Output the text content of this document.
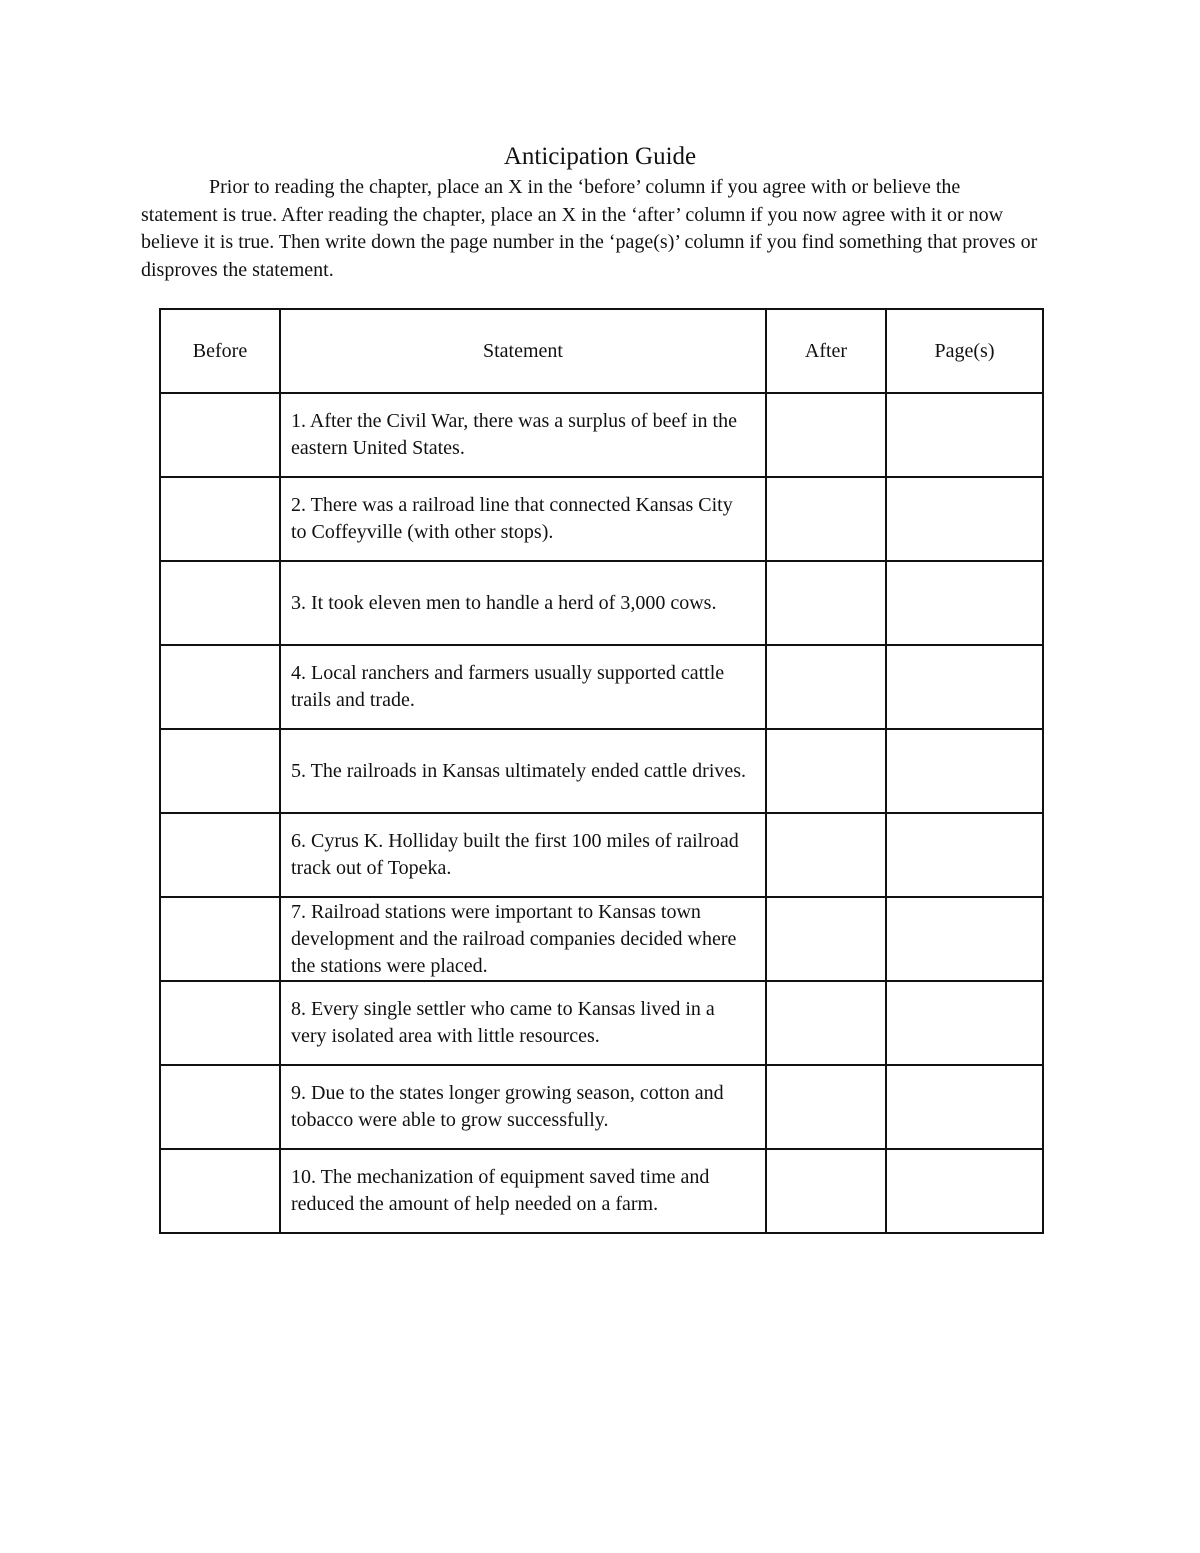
Anticipation Guide

Prior to reading the chapter, place an X in the ‘before’ column if you agree with or believe the statement is true. After reading the chapter, place an X in the ‘after’ column if you now agree with it or now believe it is true. Then write down the page number in the ‘page(s)’ column if you find something that proves or disproves the statement.

Before	Statement	After	Page(s)
	1. After the Civil War, there was a surplus of beef in the eastern United States.		
	2. There was a railroad line that connected Kansas City to Coffeyville (with other stops).		
	3. It took eleven men to handle a herd of 3,000 cows.		
	4. Local ranchers and farmers usually supported cattle trails and trade.		
	5. The railroads in Kansas ultimately ended cattle drives.		
	6. Cyrus K. Holliday built the first 100 miles of railroad track out of Topeka.		
	7. Railroad stations were important to Kansas town development and the railroad companies decided where the stations were placed.		
	8. Every single settler who came to Kansas lived in a very isolated area with little resources.		
	9. Due to the states longer growing season, cotton and tobacco were able to grow successfully.		
	10. The mechanization of equipment saved time and reduced the amount of help needed on a farm.		
